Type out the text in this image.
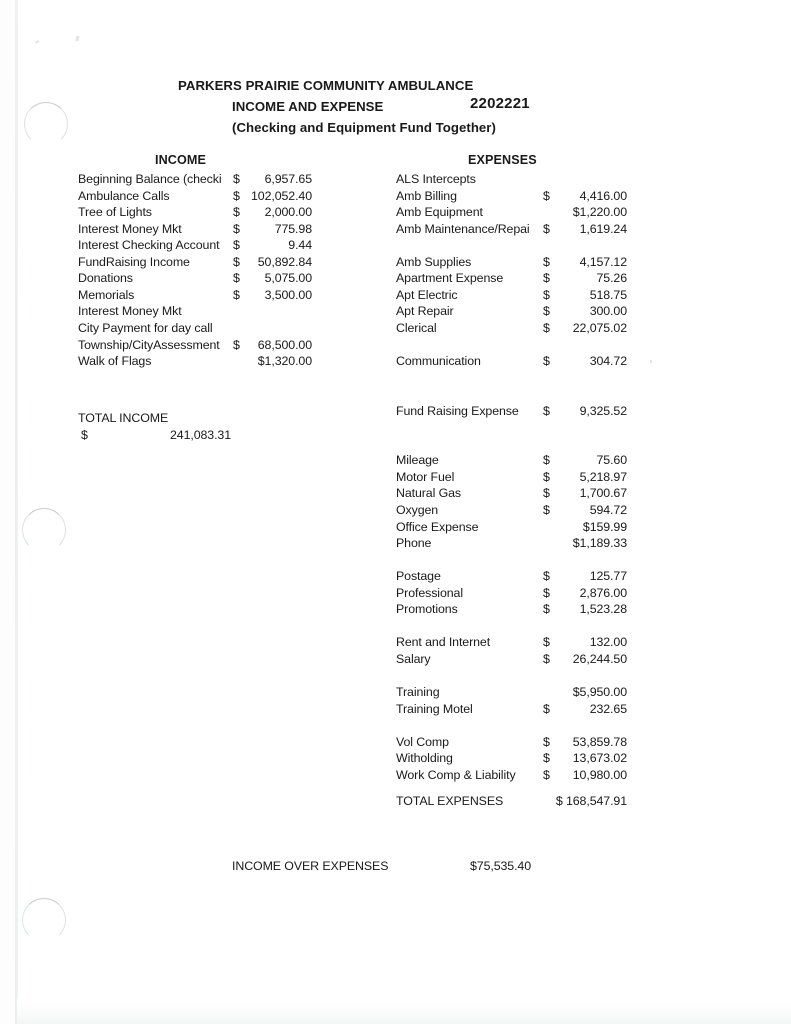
PARKERS PRAIRIE COMMUNITY AMBULANCE
INCOME AND EXPENSE	2202221
(Checking and Equipment Fund Together)
INCOME
Beginning Balance (checki $	6,957.65
Ambulance Calls	$ 102,052.40
Tree of Lights	$	2,000.00
Interest Money Mkt	$	775.98
Interest Checking Account	$	9.44
FundRaising Income	$	50,892.84
Donations	$	5,075.00
Memorials	$	3,500.00
Interest Money Mkt
City Payment for day call
Township/CityAssessment	$	68,500.00
Walk of Flags	$1,320.00
TOTAL INCOME
$	241,083.31
EXPENSES
ALS Intercepts
Amb Billing	$	4,416.00
Amb Equipment	$1,220.00
Amb Maintenance/Repai	$	1,619.24
Amb Supplies	$	4,157.12
Apartment Expense	$	75.26
Apt Electric	$	518.75
Apt Repair	$	300.00
Clerical	$	22,075.02
Communication	$	304.72
Fund Raising Expense	$	9,325.52
Mileage	$	75.60
Motor Fuel	$	5,218.97
Natural Gas	$	1,700.67
Oxygen	$	594.72
Office Expense	$159.99
Phone	$1,189.33
Postage	$	125.77
Professional	$	2,876.00
Promotions	$	1,523.28
Rent and Internet	$	132.00
Salary	$	26,244.50
Training	$5,950.00
Training Motel	$	232.65
Vol Comp	$	53,859.78
Witholding	$	13,673.02
Work Comp & Liability	$	10,980.00
TOTAL EXPENSES	$ 168,547.91
INCOME OVER EXPENSES	$75,535.40
